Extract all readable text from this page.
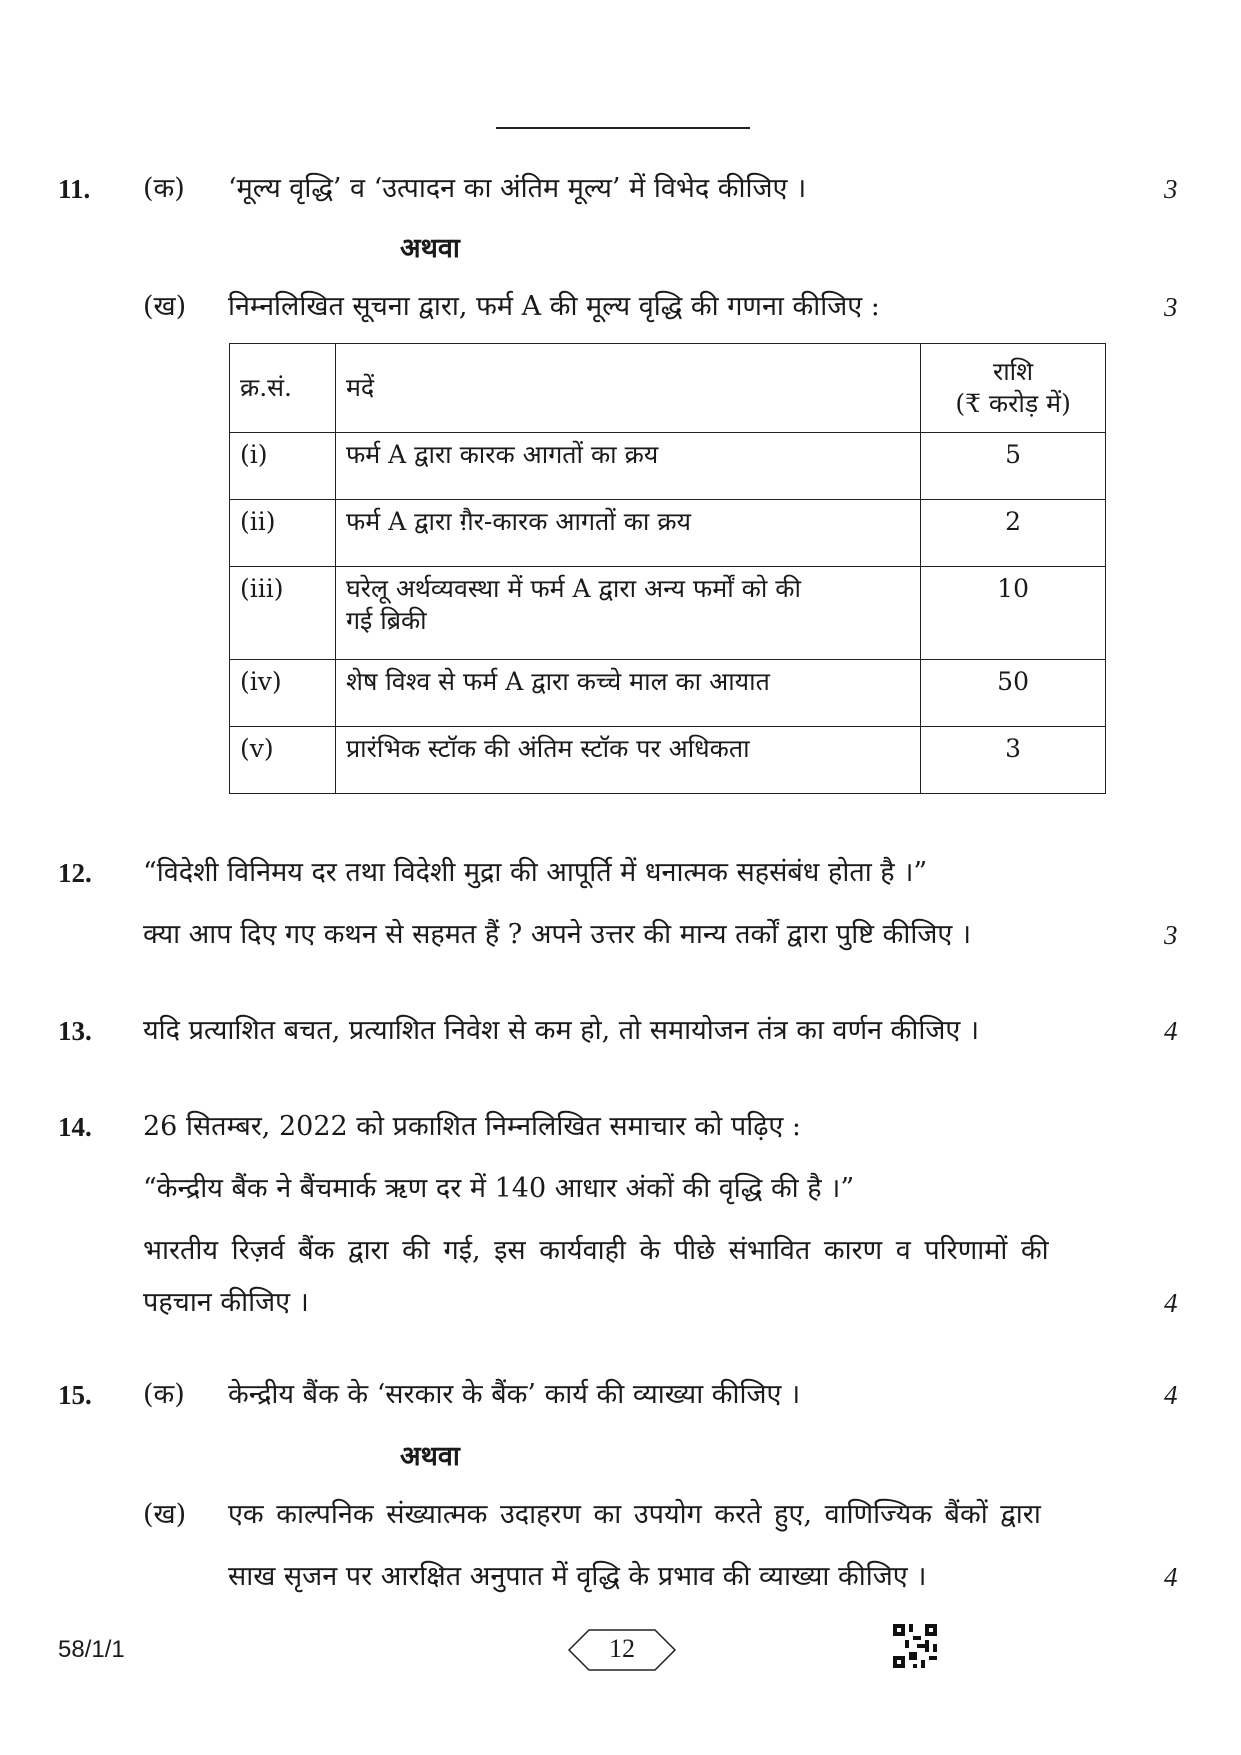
11. (क) ‘मूल्य वृद्धि’ व ‘उत्पादन का अंतिम मूल्य’ में विभेद कीजिए ।	3
अथवा
(ख) निम्नलिखित सूचना द्वारा, फर्म A की मूल्य वृद्धि की गणना कीजिए :	3
क्र.सं.	मदें	राशि
(₹ करोड़ में)

(i)	फर्म A द्वारा कारक आगतों का क्रय	5
(ii)	फर्म A द्वारा ग़ैर-कारक आगतों का क्रय	2
(iii)	घरेलू अर्थव्यवस्था में फर्म A द्वारा अन्य फर्मों को की
गई ब्रिकी	10
(iv)	शेष विश्व से फर्म A द्वारा कच्चे माल का आयात	50
(v)	प्रारंभिक स्टॉक की अंतिम स्टॉक पर अधिकता	3
12. “विदेशी विनिमय दर तथा विदेशी मुद्रा की आपूर्ति में धनात्मक सहसंबंध होता है ।”
क्या आप दिए गए कथन से सहमत हैं ? अपने उत्तर की मान्य तर्कों द्वारा पुष्टि कीजिए ।	3
13. यदि प्रत्याशित बचत, प्रत्याशित निवेश से कम हो, तो समायोजन तंत्र का वर्णन कीजिए ।	4
14. 26 सितम्बर, 2022 को प्रकाशित निम्नलिखित समाचार को पढ़िए :
“केन्द्रीय बैंक ने बैंचमार्क ऋण दर में 140 आधार अंकों की वृद्धि की है ।”
भारतीय रिज़र्व बैंक द्वारा की गई, इस कार्यवाही के पीछे संभावित कारण व परिणामों की
पहचान कीजिए ।	4
15. (क) केन्द्रीय बैंक के ‘सरकार के बैंक’ कार्य की व्याख्या कीजिए ।	4
अथवा
(ख) एक काल्पनिक संख्यात्मक उदाहरण का उपयोग करते हुए, वाणिज्यिक बैंकों द्वारा
साख सृजन पर आरक्षित अनुपात में वृद्धि के प्रभाव की व्याख्या कीजिए ।	4
58/1/1	12
